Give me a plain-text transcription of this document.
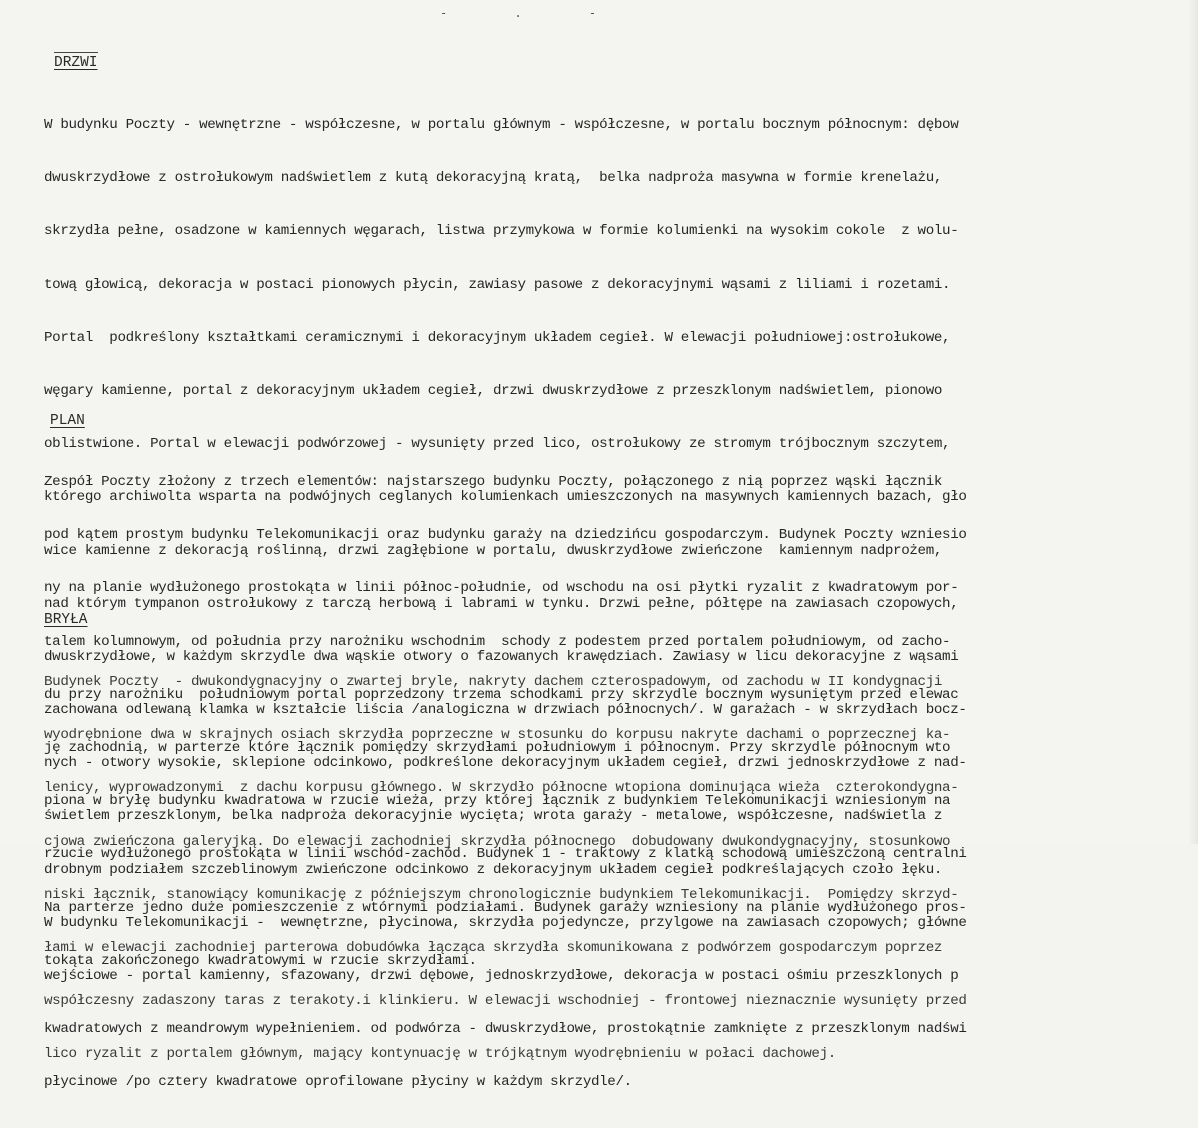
- . -
DRZWI

W budynku Poczty - wewnętrzne - współczesne, w portalu głównym - współczesne, w portalu bocznym północnym: dębow

dwuskrzydłowe z ostrołukowym nadświetlem z kutą dekoracyjną kratą,  belka nadproża masywna w formie krenelażu,

skrzydła pełne, osadzone w kamiennych węgarach, listwa przymykowa w formie kolumienki na wysokim cokole  z wolu-

tową głowicą, dekoracja w postaci pionowych płycin, zawiasy pasowe z dekoracyjnymi wąsami z liliami i rozetami.

Portal  podkreślony kształtkami ceramicznymi i dekoracyjnym układem cegieł. W elewacji południowej:ostrołukowe,

węgary kamienne, portal z dekoracyjnym układem cegieł, drzwi dwuskrzydłowe z przeszklonym nadświetlem, pionowo

oblistwione. Portal w elewacji podwórzowej - wysunięty przed lico, ostrołukowy ze stromym trójbocznym szczytem,

którego archiwolta wsparta na podwójnych ceglanych kolumienkach umieszczonych na masywnych kamiennych bazach, gło

wice kamienne z dekoracją roślinną, drzwi zagłębione w portalu, dwuskrzydłowe zwieńczone  kamiennym nadprożem,

nad którym tympanon ostrołukowy z tarczą herbową i labrami w tynku. Drzwi pełne, półtępe na zawiasach czopowych,

dwuskrzydłowe, w każdym skrzydle dwa wąskie otwory o fazowanych krawędziach. Zawiasy w licu dekoracyjne z wąsami

zachowana odlewaną klamka w kształcie liścia /analogiczna w drzwiach północnych/. W garażach - w skrzydłach bocz-

nych - otwory wysokie, sklepione odcinkowo, podkreślone dekoracyjnym układem cegieł, drzwi jednoskrzydłowe z nad-

świetlem przeszklonym, belka nadproża dekoracyjnie wycięta; wrota garaży - metalowe, współczesne, nadświetla z

drobnym podziałem szczeblinowym zwieńczone odcinkowo z dekoracyjnym układem cegieł podkreślających czoło łęku.

W budynku Telekomunikacji -  wewnętrzne, płycinowa, skrzydła pojedyncze, przylgowe na zawiasach czopowych; główne

wejściowe - portal kamienny, sfazowany, drzwi dębowe, jednoskrzydłowe, dekoracja w postaci ośmiu przeszklonych p

kwadratowych z meandrowym wypełnieniem. od podwórza - dwuskrzydłowe, prostokątnie zamknięte z przeszklonym nadświ

płycinowe /po cztery kwadratowe oprofilowane płyciny w każdym skrzydle/.

PLAN

Zespół Poczty złożony z trzech elementów: najstarszego budynku Poczty, połączonego z nią poprzez wąski łącznik

pod kątem prostym budynku Telekomunikacji oraz budynku garaży na dziedzińcu gospodarczym. Budynek Poczty wzniesio

ny na planie wydłużonego prostokąta w linii północ-południe, od wschodu na osi płytki ryzalit z kwadratowym por-

talem kolumnowym, od południa przy narożniku wschodnim  schody z podestem przed portalem południowym, od zacho-

du przy narożniku  południowym portal poprzedzony trzema schodkami przy skrzydle bocznym wysuniętym przed elewac

ję zachodnią, w parterze które łącznik pomiędzy skrzydłami południowym i północnym. Przy skrzydle północnym wto

piona w bryłę budynku kwadratowa w rzucie wieża, przy której łącznik z budynkiem Telekomunikacji wzniesionym na

rzucie wydłużonego prostokąta w linii wschód-zachód. Budynek 1 - traktowy z klatką schodową umieszczoną centralni

Na parterze jedno duże pomieszczenie z wtórnymi podziałami. Budynek garaży wzniesiony na planie wydłużonego pros-

tokąta zakończonego kwadratowymi w rzucie skrzydłami.

BRYŁA

Budynek Poczty  - dwukondygnacyjny o zwartej bryle, nakryty dachem czterospadowym, od zachodu w II kondygnacji

wyodrębnione dwa w skrajnych osiach skrzydła poprzeczne w stosunku do korpusu nakryte dachami o poprzecznej ka-

lenicy, wyprowadzonymi  z dachu korpusu głównego. W skrzydło północne wtopiona dominująca wieża  czterokondygna-

cjowa zwieńczona galeryjką. Do elewacji zachodniej skrzydła północnego  dobudowany dwukondygnacyjny, stosunkowo

niski łącznik, stanowiący komunikację z późniejszym chronologicznie budynkiem Telekomunikacji.  Pomiędzy skrzyd-

łami w elewacji zachodniej parterowa dobudówka łącząca skrzydła skomunikowana z podwórzem gospodarczym poprzez

współczesny zadaszony taras z terakoty.i klinkieru. W elewacji wschodniej - frontowej nieznacznie wysunięty przed

lico ryzalit z portalem głównym, mający kontynuację w trójkątnym wyodrębnieniu w połaci dachowej.
